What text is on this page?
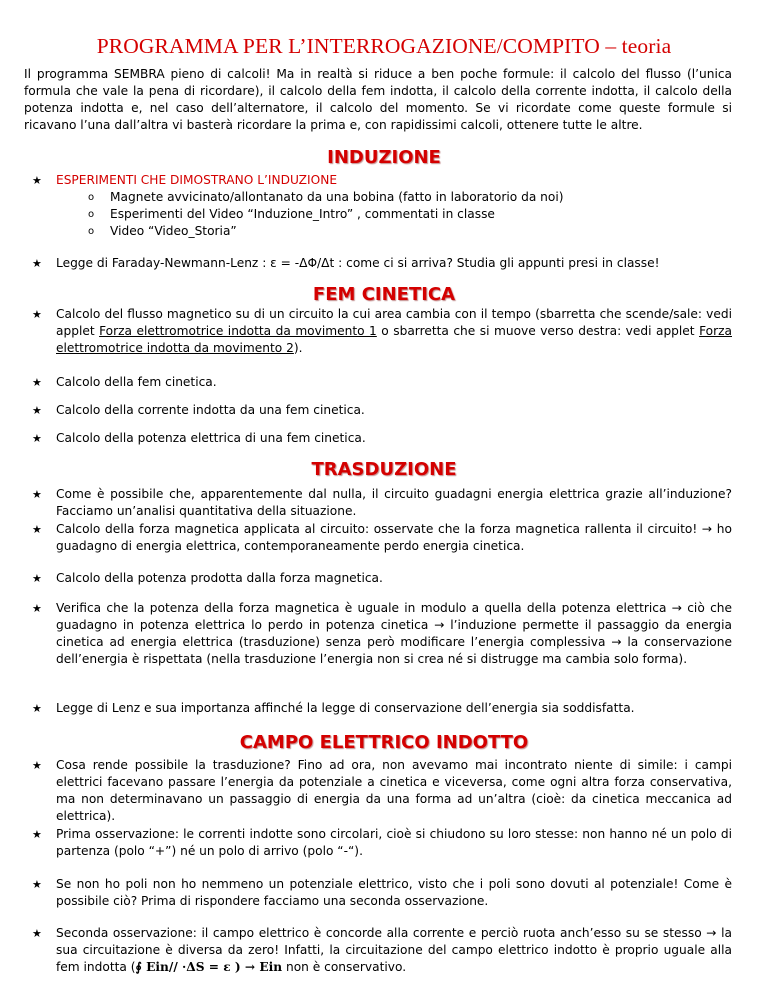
PROGRAMMA PER L’INTERROGAZIONE/COMPITO – teoria
Il programma SEMBRA pieno di calcoli! Ma in realtà si riduce a ben poche formule: il calcolo del flusso (l’unica formula che vale la pena di ricordare), il calcolo della fem indotta, il calcolo della corrente indotta, il calcolo della potenza indotta e, nel caso dell’alternatore, il calcolo del momento. Se vi ricordate come queste formule si ricavano l’una dall’altra vi basterà ricordare la prima e, con rapidissimi calcoli, ottenere tutte le altre.
INDUZIONE
★ ESPERIMENTI CHE DIMOSTRANO L’INDUZIONE
o Magnete avvicinato/allontanato da una bobina (fatto in laboratorio da noi)
o Esperimenti del Video “Induzione_Intro” , commentati in classe
o Video “Video_Storia”
★ Legge di Faraday-Newmann-Lenz : ε = -ΔΦ/Δt : come ci si arriva? Studia gli appunti presi in classe!
FEM CINETICA
★ Calcolo del flusso magnetico su di un circuito la cui area cambia con il tempo (sbarretta che scende/sale: vedi applet Forza elettromotrice indotta da movimento 1 o sbarretta che si muove verso destra: vedi applet Forza elettromotrice indotta da movimento 2).
★ Calcolo della fem cinetica.
★ Calcolo della corrente indotta da una fem cinetica.
★ Calcolo della potenza elettrica di una fem cinetica.
TRASDUZIONE
★ Come è possibile che, apparentemente dal nulla, il circuito guadagni energia elettrica grazie all’induzione? Facciamo un’analisi quantitativa della situazione.
★ Calcolo della forza magnetica applicata al circuito: osservate che la forza magnetica rallenta il circuito! → ho guadagno di energia elettrica, contemporaneamente perdo energia cinetica.
★ Calcolo della potenza prodotta dalla forza magnetica.
★ Verifica che la potenza della forza magnetica è uguale in modulo a quella della potenza elettrica → ciò che guadagno in potenza elettrica lo perdo in potenza cinetica → l’induzione permette il passaggio da energia cinetica ad energia elettrica (trasduzione) senza però modificare l’energia complessiva → la conservazione dell’energia è rispettata (nella trasduzione l’energia non si crea né si distrugge ma cambia solo forma).
★ Legge di Lenz e sua importanza affinché la legge di conservazione dell’energia sia soddisfatta.
CAMPO ELETTRICO INDOTTO
★ Cosa rende possibile la trasduzione? Fino ad ora, non avevamo mai incontrato niente di simile: i campi elettrici facevano passare l’energia da potenziale a cinetica e viceversa, come ogni altra forza conservativa, ma non determinavano un passaggio di energia da una forma ad un’altra (cioè: da cinetica meccanica ad elettrica).
★ Prima osservazione: le correnti indotte sono circolari, cioè si chiudono su loro stesse: non hanno né un polo di partenza (polo “+”) né un polo di arrivo (polo “-“).
★ Se non ho poli non ho nemmeno un potenziale elettrico, visto che i poli sono dovuti al potenziale! Come è possibile ciò? Prima di rispondere facciamo una seconda osservazione.
★ Seconda osservazione: il campo elettrico è concorde alla corrente e perciò ruota anch’esso su se stesso → la sua circuitazione è diversa da zero! Infatti, la circuitazione del campo elettrico indotto è proprio uguale alla fem indotta (∮ Ein// ·ΔS = ε ) → Ein non è conservativo.
